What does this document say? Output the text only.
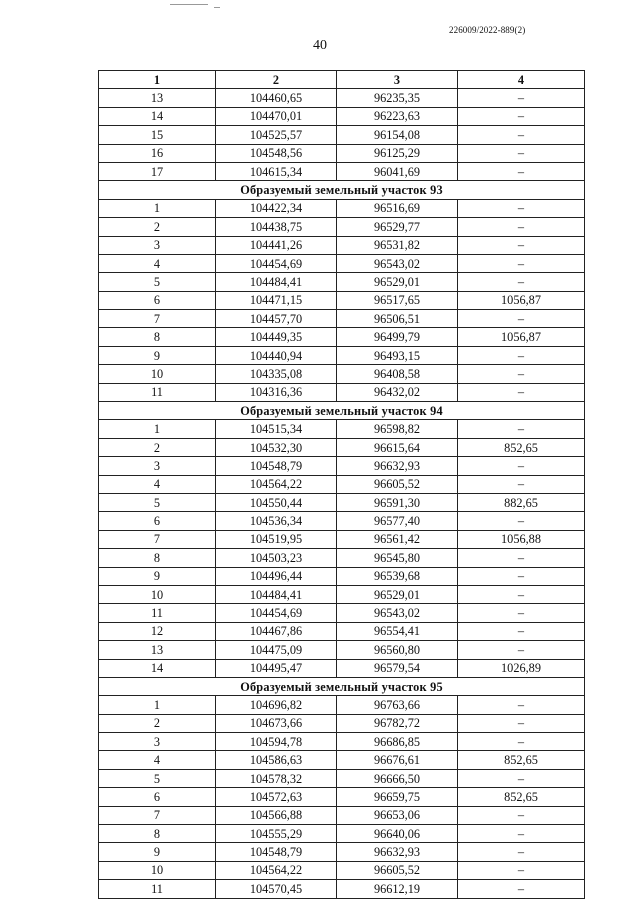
226009/2022-889(2)
40
1	2	3	4
13	104460,65	96235,35	–
14	104470,01	96223,63	–
15	104525,57	96154,08	–
16	104548,56	96125,29	–
17	104615,34	96041,69	–
Образуемый земельный участок 93			
1	104422,34	96516,69	–
2	104438,75	96529,77	–
3	104441,26	96531,82	–
4	104454,69	96543,02	–
5	104484,41	96529,01	–
6	104471,15	96517,65	1056,87
7	104457,70	96506,51	–
8	104449,35	96499,79	1056,87
9	104440,94	96493,15	–
10	104335,08	96408,58	–
11	104316,36	96432,02	–
Образуемый земельный участок 94			
1	104515,34	96598,82	–
2	104532,30	96615,64	852,65
3	104548,79	96632,93	–
4	104564,22	96605,52	–
5	104550,44	96591,30	882,65
6	104536,34	96577,40	–
7	104519,95	96561,42	1056,88
8	104503,23	96545,80	–
9	104496,44	96539,68	–
10	104484,41	96529,01	–
11	104454,69	96543,02	–
12	104467,86	96554,41	–
13	104475,09	96560,80	–
14	104495,47	96579,54	1026,89
Образуемый земельный участок 95			
1	104696,82	96763,66	–
2	104673,66	96782,72	–
3	104594,78	96686,85	–
4	104586,63	96676,61	852,65
5	104578,32	96666,50	–
6	104572,63	96659,75	852,65
7	104566,88	96653,06	–
8	104555,29	96640,06	–
9	104548,79	96632,93	–
10	104564,22	96605,52	–
11	104570,45	96612,19	–
